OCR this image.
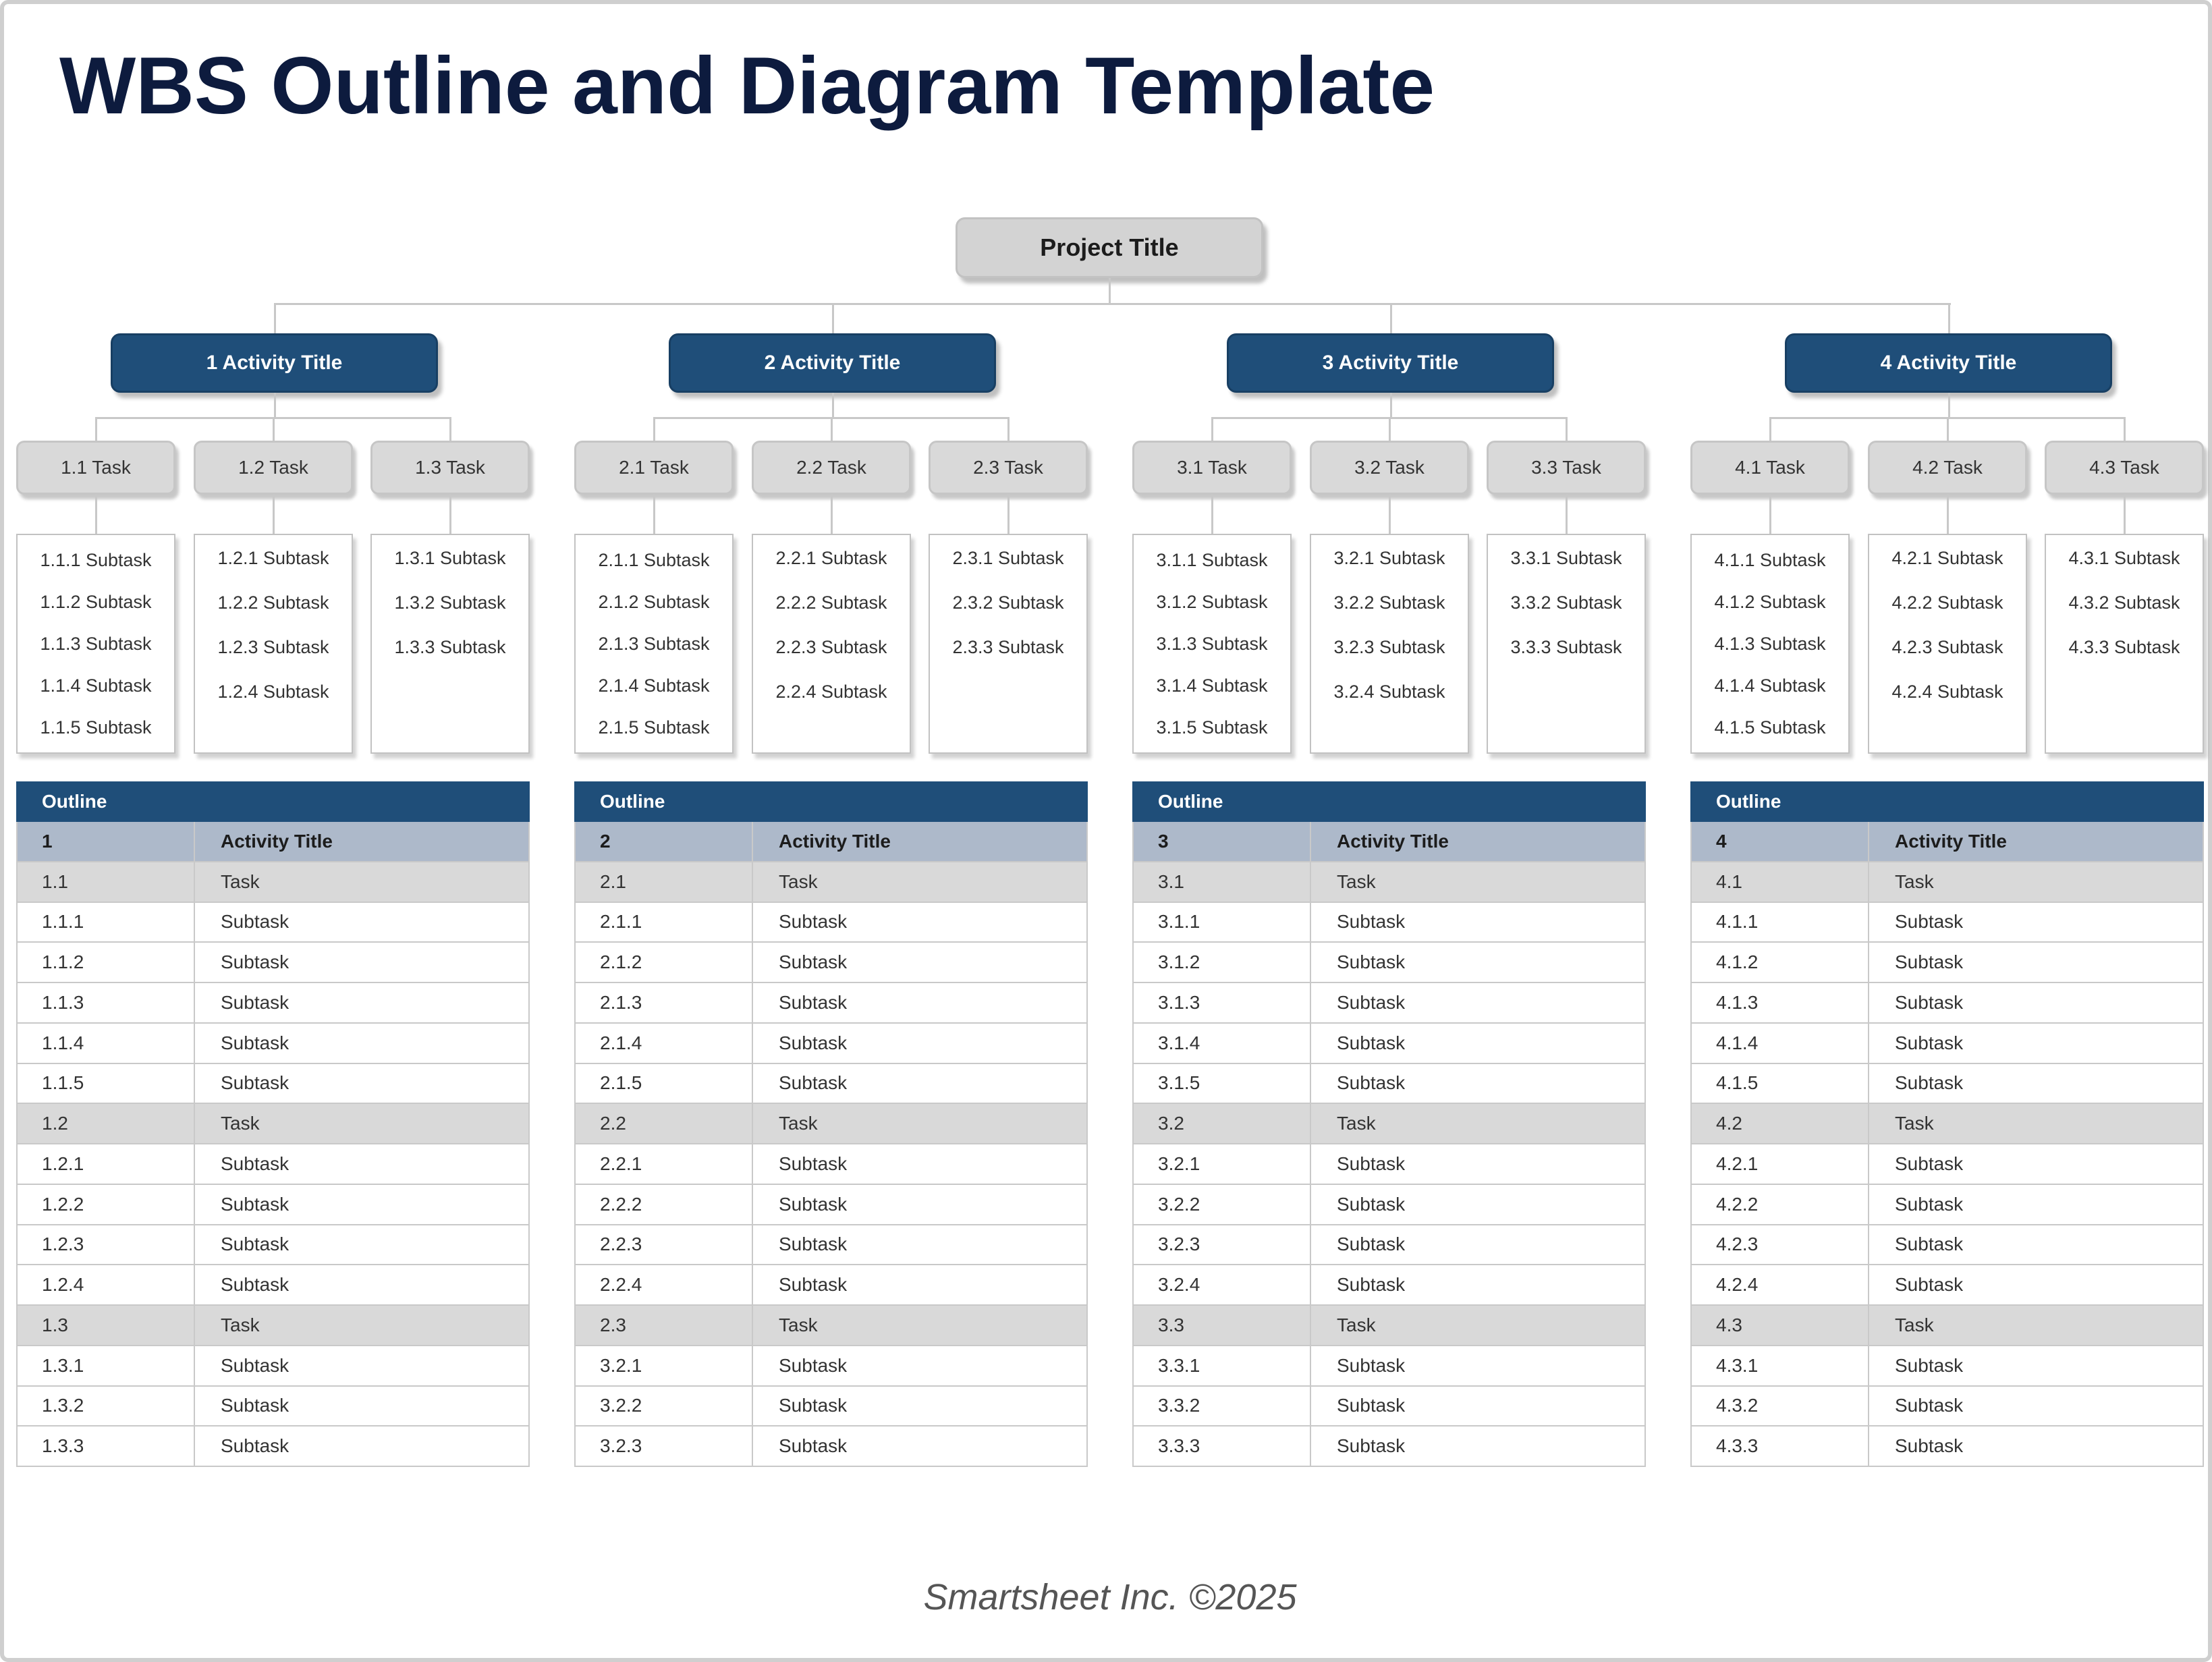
WBS Outline and Diagram Template
Project Title
1 Activity Title
1.1 Task
1.1.1 Subtask
1.1.2 Subtask
1.1.3 Subtask
1.1.4 Subtask
1.1.5 Subtask
1.2 Task
1.2.1 Subtask
1.2.2 Subtask
1.2.3 Subtask
1.2.4 Subtask
1.3 Task
1.3.1 Subtask
1.3.2 Subtask
1.3.3 Subtask
2 Activity Title
2.1 Task
2.1.1 Subtask
2.1.2 Subtask
2.1.3 Subtask
2.1.4 Subtask
2.1.5 Subtask
2.2 Task
2.2.1 Subtask
2.2.2 Subtask
2.2.3 Subtask
2.2.4 Subtask
2.3 Task
2.3.1 Subtask
2.3.2 Subtask
2.3.3 Subtask
3 Activity Title
3.1 Task
3.1.1 Subtask
3.1.2 Subtask
3.1.3 Subtask
3.1.4 Subtask
3.1.5 Subtask
3.2 Task
3.2.1 Subtask
3.2.2 Subtask
3.2.3 Subtask
3.2.4 Subtask
3.3 Task
3.3.1 Subtask
3.3.2 Subtask
3.3.3 Subtask
4 Activity Title
4.1 Task
4.1.1 Subtask
4.1.2 Subtask
4.1.3 Subtask
4.1.4 Subtask
4.1.5 Subtask
4.2 Task
4.2.1 Subtask
4.2.2 Subtask
4.2.3 Subtask
4.2.4 Subtask
4.3 Task
4.3.1 Subtask
4.3.2 Subtask
4.3.3 Subtask
Outline	
1	Activity Title
1.1	Task
1.1.1	Subtask
1.1.2	Subtask
1.1.3	Subtask
1.1.4	Subtask
1.1.5	Subtask
1.2	Task
1.2.1	Subtask
1.2.2	Subtask
1.2.3	Subtask
1.2.4	Subtask
1.3	Task
1.3.1	Subtask
1.3.2	Subtask
1.3.3	Subtask
Outline	
2	Activity Title
2.1	Task
2.1.1	Subtask
2.1.2	Subtask
2.1.3	Subtask
2.1.4	Subtask
2.1.5	Subtask
2.2	Task
2.2.1	Subtask
2.2.2	Subtask
2.2.3	Subtask
2.2.4	Subtask
2.3	Task
3.2.1	Subtask
3.2.2	Subtask
3.2.3	Subtask
Outline	
3	Activity Title
3.1	Task
3.1.1	Subtask
3.1.2	Subtask
3.1.3	Subtask
3.1.4	Subtask
3.1.5	Subtask
3.2	Task
3.2.1	Subtask
3.2.2	Subtask
3.2.3	Subtask
3.2.4	Subtask
3.3	Task
3.3.1	Subtask
3.3.2	Subtask
3.3.3	Subtask
Outline	
4	Activity Title
4.1	Task
4.1.1	Subtask
4.1.2	Subtask
4.1.3	Subtask
4.1.4	Subtask
4.1.5	Subtask
4.2	Task
4.2.1	Subtask
4.2.2	Subtask
4.2.3	Subtask
4.2.4	Subtask
4.3	Task
4.3.1	Subtask
4.3.2	Subtask
4.3.3	Subtask
Smartsheet Inc. ©2025
